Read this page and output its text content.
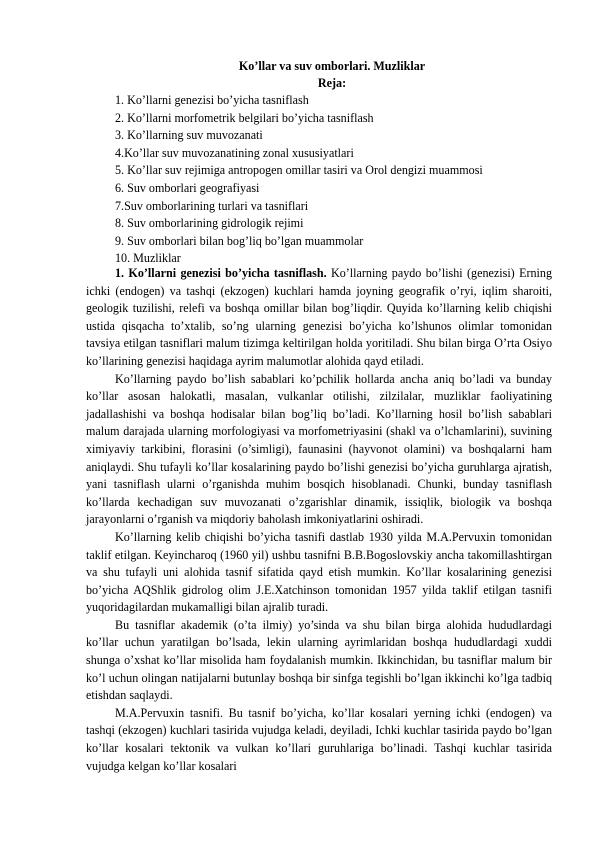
Ko’llar va suv omborlari. Muzliklar
Reja:
1. Ko’llarni genezisi bo’yicha tasniflash
2. Ko’llarni morfometrik belgilari bo’yicha tasniflash
3. Ko’llarning suv muvozanati
4.Ko’llar suv muvozanatining zonal xususiyatlari
5. Ko’llar suv rejimiga antropogen omillar tasiri va Orol dengizi muammosi
6. Suv omborlari geografiyasi
7.Suv omborlarining turlari va tasniflari
8. Suv omborlarining gidrologik rejimi
9. Suv omborlari bilan bog’liq bo’lgan muammolar
10. Muzliklar

1. Ko’llarni genezisi bo’yicha tasniflash. Ko’llarning paydo bo’lishi (genezisi) Erning ichki (endogen) va tashqi (ekzogen) kuchlari hamda joyning geografik o’ryi, iqlim sharoiti, geologik tuzilishi, relefi va boshqa omillar bilan bog’liqdir. Quyida ko’llarning kelib chiqishi ustida qisqacha to’xtalib, so’ng ularning genezisi bo’yicha ko’lshunos olimlar tomonidan tavsiya etilgan tasniflari malum tizimga keltirilgan holda yoritiladi. Shu bilan birga O’rta Osiyo ko’llarining genezisi haqidaga ayrim malumotlar alohida qayd etiladi.

Ko’llarning paydo bo’lish sabablari ko’pchilik hollarda ancha aniq bo’ladi va bunday ko’llar asosan halokatli, masalan, vulkanlar otilishi, zilzilalar, muzliklar faoliyatining jadallashishi va boshqa hodisalar bilan bog’liq bo’ladi. Ko’llarning hosil bo’lish sabablari malum darajada ularning morfologiyasi va morfometriyasini (shakl va o’lchamlarini), suvining ximiyaviy tarkibini, florasini (o’simligi), faunasini (hayvonot olamini) va boshqalarni ham aniqlaydi. Shu tufayli ko’llar kosalarining paydo bo’lishi genezisi bo’yicha guruhlarga ajratish, yani tasniflash ularni o’rganishda muhim bosqich hisoblanadi. Chunki, bunday tasniflash ko’llarda kechadigan suv muvozanati o’zgarishlar dinamik, issiqlik, biologik va boshqa jarayonlarni o’rganish va miqdoriy baholash imkoniyatlarini oshiradi.

Ko’llarning kelib chiqishi bo’yicha tasnifi dastlab 1930 yilda M.A.Pervuxin tomonidan taklif etilgan. Keyincharoq (1960 yil) ushbu tasnifni B.B.Bogoslovskiy ancha takomillashtirgan va shu tufayli uni alohida tasnif sifatida qayd etish mumkin. Ko’llar kosalarining genezisi bo’yicha AQShlik gidrolog olim J.E.Xatchinson tomonidan 1957 yilda taklif etilgan tasnifi yuqoridagilardan mukamalligi bilan ajralib turadi.

Bu tasniflar akademik (o’ta ilmiy) yo’sinda va shu bilan birga alohida hududlardagi ko’llar uchun yaratilgan bo’lsada, lekin ularning ayrimlaridan boshqa hududlardagi xuddi shunga o’xshat ko’llar misolida ham foydalanish mumkin. Ikkinchidan, bu tasniflar malum bir ko’l uchun olingan natijalarni butunlay boshqa bir sinfga tegishli bo’lgan ikkinchi ko’lga tadbiq etishdan saqlaydi.

M.A.Pervuxin tasnifi. Bu tasnif bo’yicha, ko’llar kosalari yerning ichki (endogen) va tashqi (ekzogen) kuchlari tasirida vujudga keladi, deyiladi, Ichki kuchlar tasirida paydo bo’lgan ko’llar kosalari tektonik va vulkan ko’llari guruhlariga bo’linadi. Tashqi kuchlar tasirida vujudga kelgan ko’llar kosalari
